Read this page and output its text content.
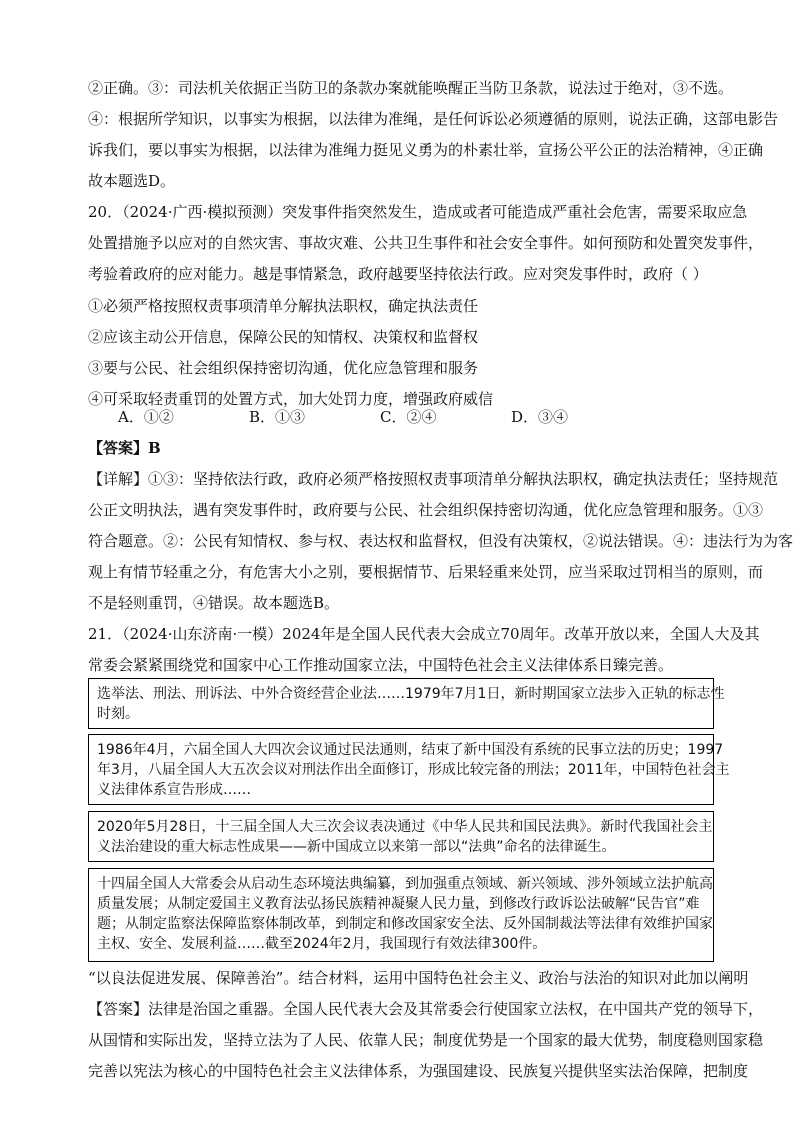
②正确。③：司法机关依据正当防卫的条款办案就能唤醒正当防卫条款，说法过于绝对，③不选。
④：根据所学知识，以事实为根据，以法律为准绳，是任何诉讼必须遵循的原则，说法正确，这部电影告
诉我们，要以事实为根据，以法律为准绳力挺见义勇为的朴素壮举，宣扬公平公正的法治精神，④正确
故本题选D。
20．（2024·广西·模拟预测）突发事件指突然发生，造成或者可能造成严重社会危害，需要采取应急
处置措施予以应对的自然灾害、事故灾难、公共卫生事件和社会安全事件。如何预防和处置突发事件，
考验着政府的应对能力。越是事情紧急，政府越要坚持依法行政。应对突发事件时，政府（ ）
①必须严格按照权责事项清单分解执法职权，确定执法责任
②应该主动公开信息，保障公民的知情权、决策权和监督权
③要与公民、社会组织保持密切沟通，优化应急管理和服务
④可采取轻责重罚的处置方式，加大处罚力度，增强政府威信
A．①②	B．①③	C．②④	D．③④
【答案】B
【详解】①③：坚持依法行政，政府必须严格按照权责事项清单分解执法职权，确定执法责任；坚持规范
公正文明执法，遇有突发事件时，政府要与公民、社会组织保持密切沟通，优化应急管理和服务。①③
符合题意。②：公民有知情权、参与权、表达权和监督权，但没有决策权，②说法错误。④：违法行为为客
观上有情节轻重之分，有危害大小之别，要根据情节、后果轻重来处罚，应当采取过罚相当的原则，而
不是轻则重罚，④错误。故本题选B。
21．（2024·山东济南·一模）2024年是全国人民代表大会成立70周年。改革开放以来，全国人大及其
常委会紧紧围绕党和国家中心工作推动国家立法，中国特色社会主义法律体系日臻完善。
选举法、刑法、刑诉法、中外合资经营企业法……1979年7月1日，新时期国家立法步入正轨的标志性
时刻。
1986年4月，六届全国人大四次会议通过民法通则，结束了新中国没有系统的民事立法的历史；1997
年3月，八届全国人大五次会议对刑法作出全面修订，形成比较完备的刑法；2011年，中国特色社会主
义法律体系宣告形成……
2020年5月28日，十三届全国人大三次会议表决通过《中华人民共和国民法典》。新时代我国社会主
义法治建设的重大标志性成果——新中国成立以来第一部以“法典”命名的法律诞生。
十四届全国人大常委会从启动生态环境法典编纂，到加强重点领域、新兴领域、涉外领域立法护航高
质量发展；从制定爱国主义教育法弘扬民族精神凝聚人民力量，到修改行政诉讼法破解“民告官”难
题；从制定监察法保障监察体制改革，到制定和修改国家安全法、反外国制裁法等法律有效维护国家
主权、安全、发展利益……截至2024年2月，我国现行有效法律300件。
“以良法促进发展、保障善治”。结合材料，运用中国特色社会主义、政治与法治的知识对此加以阐明
【答案】法律是治国之重器。全国人民代表大会及其常委会行使国家立法权，在中国共产党的领导下，
从国情和实际出发，坚持立法为了人民、依靠人民；制度优势是一个国家的最大优势，制度稳则国家稳
完善以宪法为核心的中国特色社会主义法律体系，为强国建设、民族复兴提供坚实法治保障，把制度
